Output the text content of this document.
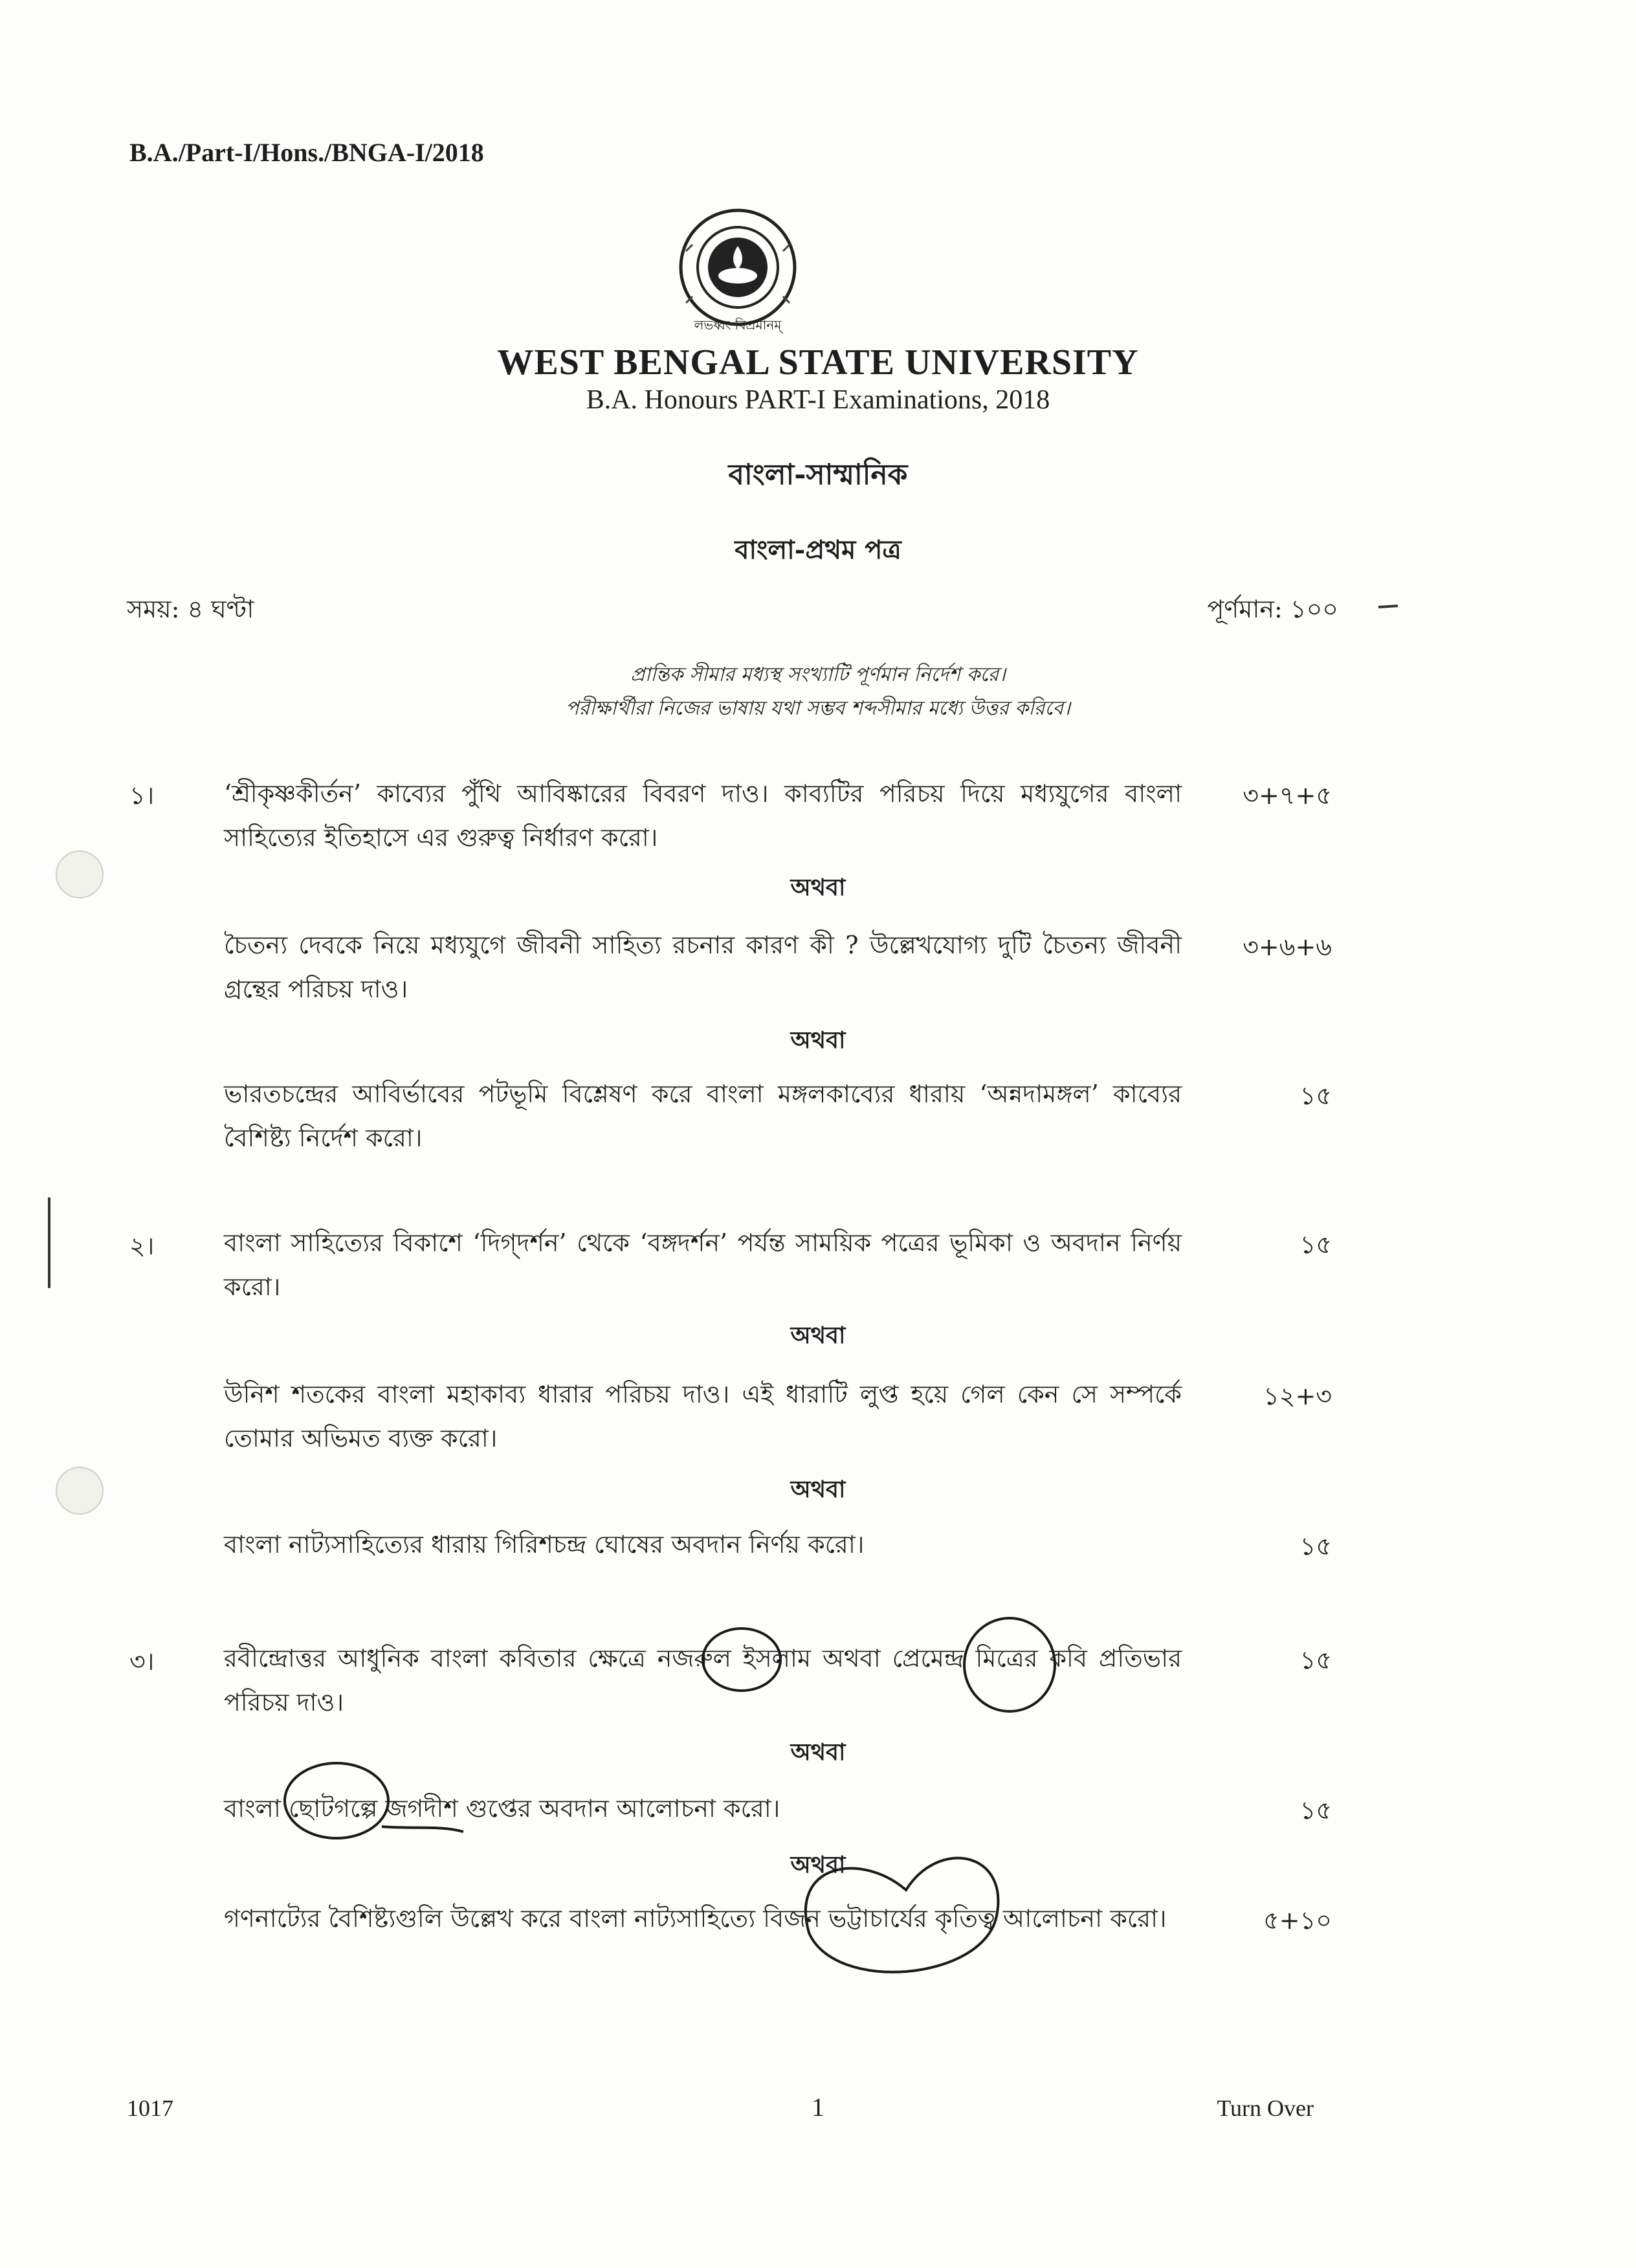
B.A./Part-I/Hons./BNGA-I/2018
লভধ্বং বিপ্রমানম্
WEST BENGAL STATE UNIVERSITY
B.A. Honours PART-I Examinations, 2018
বাংলা-সাম্মানিক
বাংলা-প্রথম পত্র
সময়: ৪ ঘণ্টা	পূর্ণমান: ১০০
প্রান্তিক সীমার মধ্যস্থ সংখ্যাটি পূর্ণমান নির্দেশ করে।
পরীক্ষার্থীরা নিজের ভাষায় যথা সম্ভব শব্দসীমার মধ্যে উত্তর করিবে।
১।	‘শ্রীকৃষ্ণকীর্তন’ কাব্যের পুঁথি আবিষ্কারের বিবরণ দাও। কাব্যটির পরিচয় দিয়ে মধ্যযুগের বাংলা সাহিত্যের ইতিহাসে এর গুরুত্ব নির্ধারণ করো।
৩+৭+৫
অথবা
চৈতন্য দেবকে নিয়ে মধ্যযুগে জীবনী সাহিত্য রচনার কারণ কী ? উল্লেখযোগ্য দুটি চৈতন্য জীবনী গ্রন্থের পরিচয় দাও।
৩+৬+৬
অথবা
ভারতচন্দ্রের আবির্ভাবের পটভূমি বিশ্লেষণ করে বাংলা মঙ্গলকাব্যের ধারায় ‘অন্নদামঙ্গল’ কাব্যের বৈশিষ্ট্য নির্দেশ করো।
১৫
২।	বাংলা সাহিত্যের বিকাশে ‘দিগ্‌দর্শন’ থেকে ‘বঙ্গদর্শন’ পর্যন্ত সাময়িক পত্রের ভূমিকা ও অবদান নির্ণয় করো।
১৫
অথবা
উনিশ শতকের বাংলা মহাকাব্য ধারার পরিচয় দাও। এই ধারাটি লুপ্ত হয়ে গেল কেন সে সম্পর্কে তোমার অভিমত ব্যক্ত করো।
১২+৩
অথবা
বাংলা নাট্যসাহিত্যের ধারায় গিরিশচন্দ্র ঘোষের অবদান নির্ণয় করো।	১৫
৩।	রবীন্দ্রোত্তর আধুনিক বাংলা কবিতার ক্ষেত্রে নজরুল ইসলাম অথবা প্রেমেন্দ্র মিত্রের কবি প্রতিভার পরিচয় দাও।
১৫
অথবা
বাংলা ছোটগল্পে জগদীশ গুপ্তের অবদান আলোচনা করো।	১৫
অথবা
গণনাট্যের বৈশিষ্ট্যগুলি উল্লেখ করে বাংলা নাট্যসাহিত্যে বিজন ভট্টাচার্যের কৃতিত্ব আলোচনা করো।	৫+১০
1017	1	Turn Over
